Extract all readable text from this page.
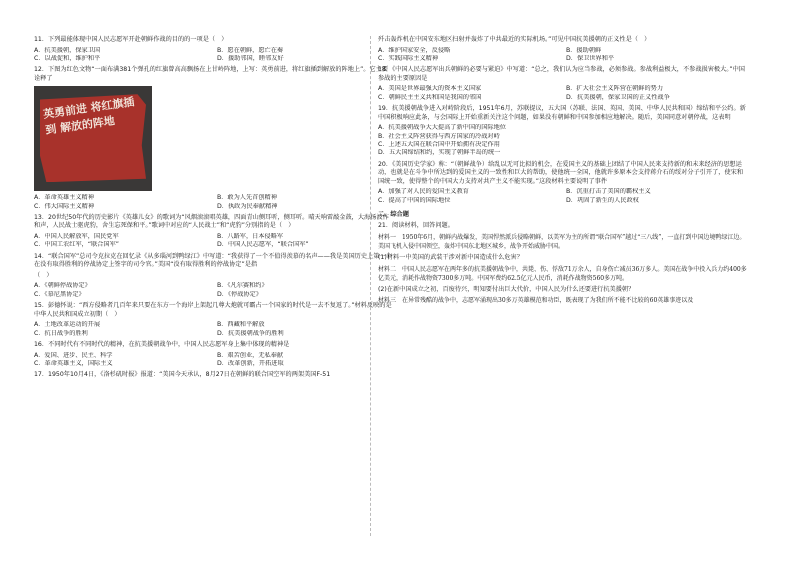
11．下列最能体现中国人民志愿军开赴朝鲜作战的目的的一项是（　）
A．抗美援朝，保家卫国	B．愿在朝鲜，愿亡在奏
C．以战促和，维护和平	D．援助邻国，睦邻友好
12．下图为红色文物“一面布满381个弹孔的红旗曾高高飘扬在上甘岭阵地，上写：英勇前进，将红旗插到解放的阵地上”。它主要诠释了
英勇前进 将红旗插到 解放的阵地
A．革命英雄主义精神	B．敢为人先首创精神
C．伟大国际主义精神	D．执政为民奉献精神
13．20世纪50年代的历史影片《英雄儿女》的歌词为“风烟滚滚唱英雄，四面青山侧耳听，侧耳听。晴天响雷敲金鼓，大海扬波作和声，人民战士驱虎豹，舍生忘死保和平。”歌词中对应的“人民战士”和“虎豹”分别指的是（　）
A．中国人民解放军，国民党军	B．八路军，日本侵略军
C．中国工农红军，“联合国军”	D．中国人民志愿军，“联合国军”
14．“联合国军”总司令克拉克在回忆录《从多瑙河到鸭绿江》中写道：“我获得了一个不值得羡慕的名声——我是美国历史上第一个在没有取得胜利的停战协定上签字的司令官。”美国“没有取得胜利的停战协定”是指
（　）
A．《朝鲜停战协定》	B．《凡尔赛和约》
C．《慕尼黑协定》	D．《停战协定》
15．彭德怀说：“西方侵略者几百年来只要在东方一个海岸上架起几尊大炮就可霸占一个国家的时代是一去不复返了。”材料反映的是中华人民共和国成立初期（　）
A．土地改革运动的开展	B．西藏和平解放
C．抗日战争的胜利	D．抗美援朝战争的胜利
16．不同时代有不同时代的精神，在抗美援朝战争中，中国人民志愿军身上集中体现的精神是
A．爱国、进步、民主、科学	B．艰苦创业，无私奉献
C．革命英雄主义，国际主义	D．改革创新，开拓进取
17．1950年10月4日，《洛杉矶时报》报道：“美国今天承认，8月27日在朝鲜的联合国空军的两架美国F-51
歼击轰炸机在中国安东地区扫射并轰炸了中共最近的实际机场。”可见中国抗美援朝的正义性是（　）
A．维护国家安全，反侵略	B．援助朝鲜
C．实践国际主义精神	D．保卫世界和平
18．《中国人民志愿军出兵朝鲜的必要与紧迫》中写道：“总之，我们认为应当参战，必须参战。参战利益极大，不参战损害极大。”中国参战的主要原因是
A．美国是世界最强大的资本主义国家	B．扩大社会主义阵营在朝鲜的势力
C．朝鲜民主主义共和国是我国的邻国	D．抗美援朝，保家卫国的正义性战争
19．抗美援朝战争进入对峙阶段后，1951年6月，苏联提议，五大国（苏联、法国、英国、美国、中华人民共和国）缔结和平公约。新中国积极响应此条，与会国际上开始重新关注这个问题，如果没有朝鲜和中国参加相应地解决。随后，美国同意对朝停战，这表明
A．抗美援朝战争大大提高了新中国的国际地位
B．社会主义阵营获得与西方国家的冷战对峙
C．上述五大国在联合国中开始拥有决定作用
D．五大国缔结和约，实现了朝鲜半岛的统一
20．《美国历史学家》称：“（朝鲜战争）给乱以无可比拟的机会，在爱国主义的基础上团结了中国人民来支持新的和未来经济的思想运动，也就是在斗争中所达到的爱国主义的一致性和巨大的帮助，使他统一全国，他就许多原本会支持蒋介石的绥对分子引开了，使宋和国统一致，使得整个的中国大力支持对共产主义不能实现。”这段材料主要说明了事件
A．加强了对人民的爱国主义教育	B．沉重打击了美国的霸权主义
C．提高了中国的国际地位	D．巩固了新生的人民政权
二、综合题
21．阅读材料，回答问题。
材料一　1950年6月，朝鲜内战爆发，美国悍然派兵侵略朝鲜，以美军为主的所谓“联合国军”越过“三八线”，一直打到中国边境鸭绿江边。美国飞机入侵中国领空，轰炸中国东北地区城乡，战争开始威胁中国。
(1)材料一中美国的武装干涉对新中国造成什么危害？
材料二　中国人民志愿军在两年多的抗美援朝战争中，共毙、伤、俘敌71万余人，自身伤亡减员36万多人。美国在战争中投入兵力约400多亿美元，消耗作战物资7300多万吨。中国军费约62.5亿元人民币，消耗作战物资560多万吨。
(2)在新中国成立之初，百废待兴，明知要付出巨大代价，中国人民为什么还要进行抗美援朝？
材料三　在异常残酷的战争中，志愿军涌现出30多万英雄模范和功臣，既表现了为我们所不能不比较的60英雄事迹以及
